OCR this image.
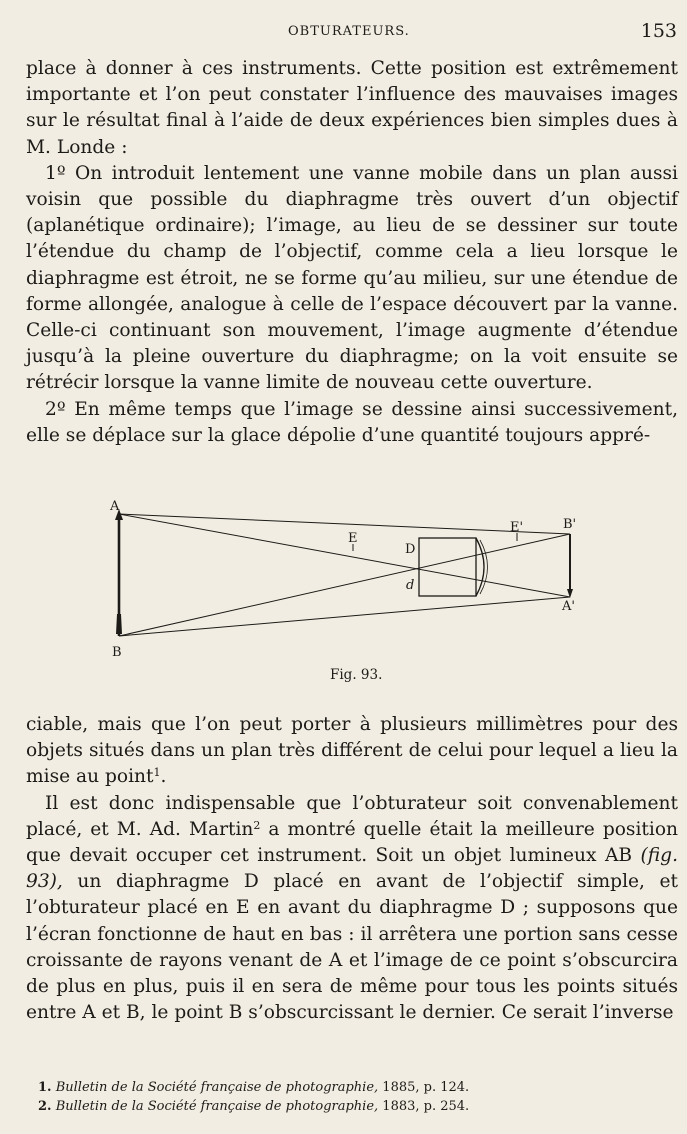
OBTURATEURS.	153

place à donner à ces instruments. Cette position est extrêmement importante et l’on peut constater l’influence des mauvaises images sur le résultat final à l’aide de deux expériences bien simples dues à M. Londe :

1º On introduit lentement une vanne mobile dans un plan aussi voisin que possible du diaphragme très ouvert d’un objectif (aplanétique ordinaire); l’image, au lieu de se dessiner sur toute l’étendue du champ de l’objectif, comme cela a lieu lorsque le diaphragme est étroit, ne se forme qu’au milieu, sur une étendue de forme allongée, analogue à celle de l’espace découvert par la vanne. Celle-ci continuant son mouvement, l’image augmente d’étendue jusqu’à la pleine ouverture du diaphragme; on la voit ensuite se rétrécir lorsque la vanne limite de nouveau cette ouverture.

2º En même temps que l’image se dessine ainsi successivement, elle se déplace sur la glace dépolie d’une quantité toujours appré-

A
B
E
D
d
E'	B'
A'
Fig. 93.

ciable, mais que l’on peut porter à plusieurs millimètres pour des objets situés dans un plan très différent de celui pour lequel a lieu la mise au point$^1$.

Il est donc indispensable que l’obturateur soit convenablement placé, et M. Ad. Martin$^2$ a montré quelle était la meilleure position que devait occuper cet instrument. Soit un objet lumineux AB (fig. 93), un diaphragme D placé en avant de l’objectif simple, et l’obturateur placé en E en avant du diaphragme D ; supposons que l’écran fonctionne de haut en bas : il arrêtera une portion sans cesse croissante de rayons venant de A et l’image de ce point s’obscurcira de plus en plus, puis il en sera de même pour tous les points situés entre A et B, le point B s’obscurcissant le dernier. Ce serait l’inverse

1. Bulletin de la Société française de photographie, 1885, p. 124.
2. Bulletin de la Société française de photographie, 1883, p. 254.
